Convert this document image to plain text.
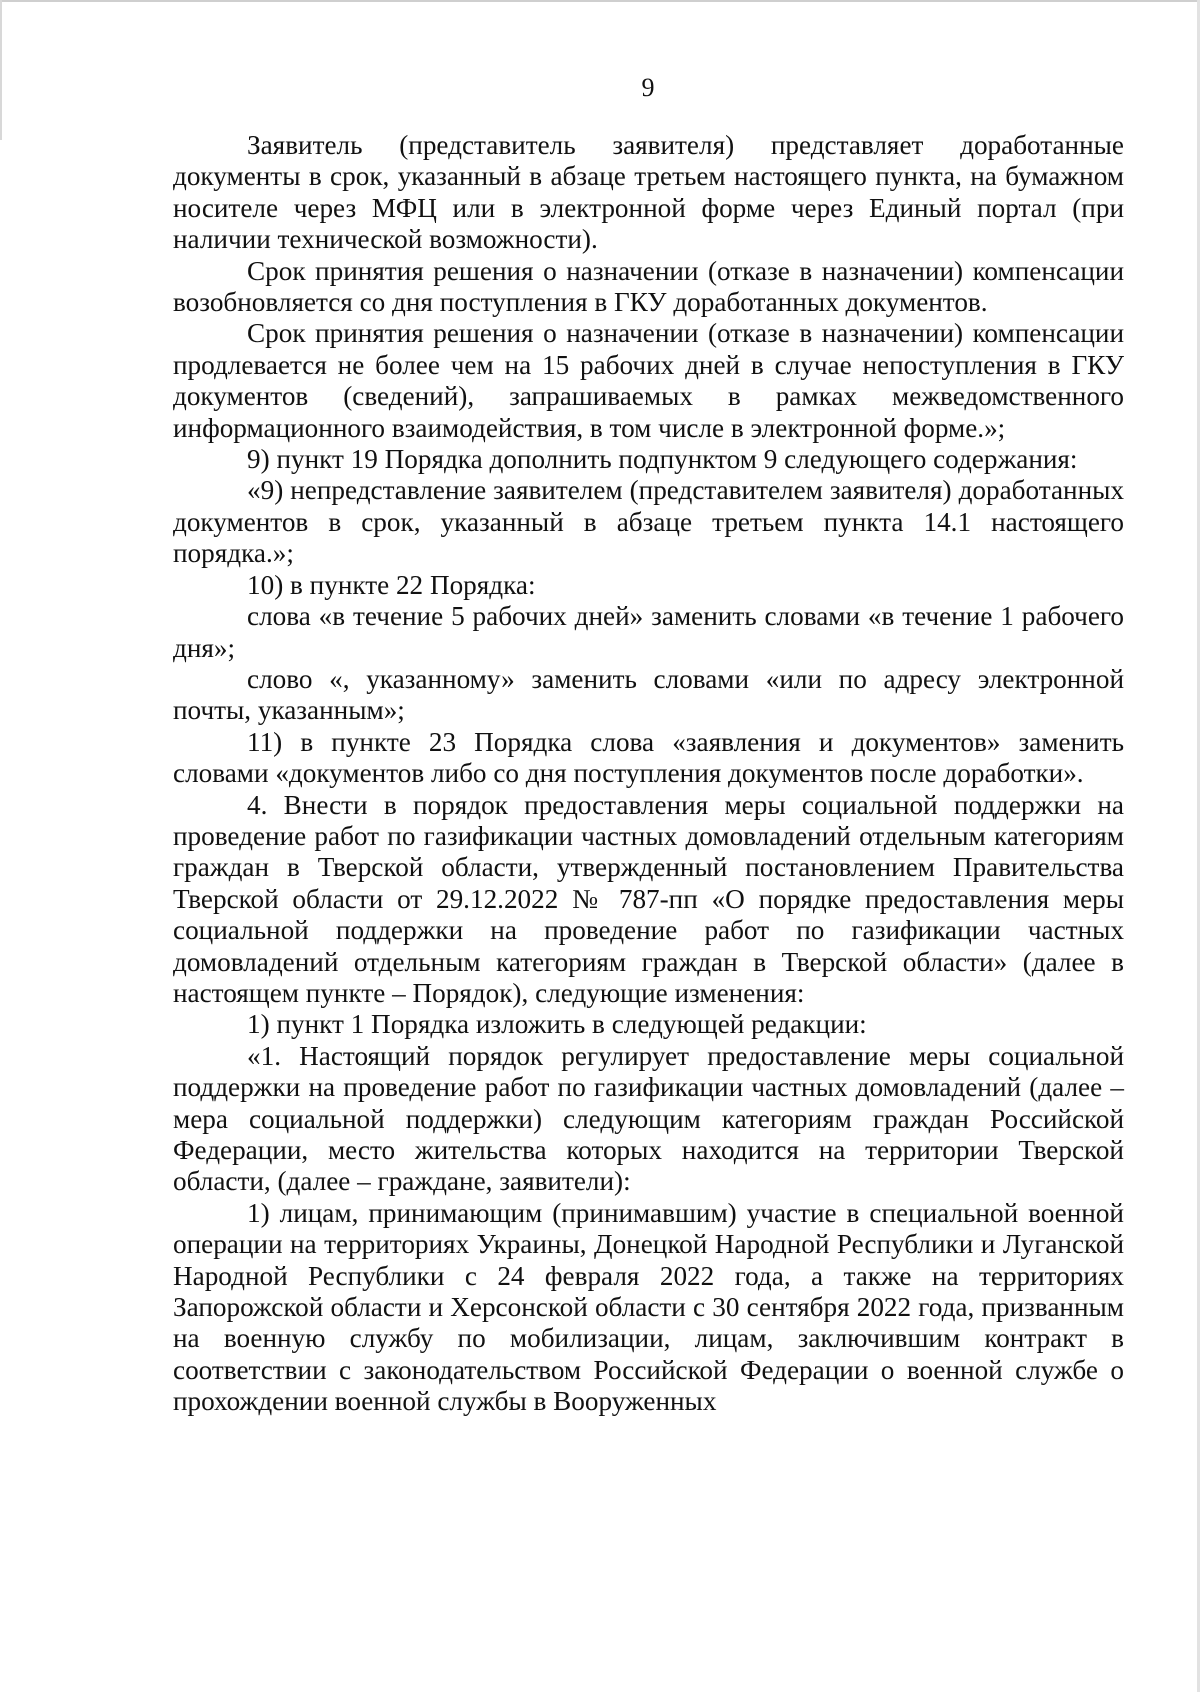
9

Заявитель (представитель заявителя) представляет доработанные документы в срок, указанный в абзаце третьем настоящего пункта, на бумажном носителе через МФЦ или в электронной форме через Единый портал (при наличии технической возможности).

Срок принятия решения о назначении (отказе в назначении) компенсации возобновляется со дня поступления в ГКУ доработанных документов.

Срок принятия решения о назначении (отказе в назначении) компенсации продлевается не более чем на 15 рабочих дней в случае непоступления в ГКУ документов (сведений), запрашиваемых в рамках межведомственного информационного взаимодействия, в том числе в электронной форме.»;

9) пункт 19 Порядка дополнить подпунктом 9 следующего содержания:

«9) непредставление заявителем (представителем заявителя) доработанных документов в срок, указанный в абзаце третьем пункта 14.1 настоящего порядка.»;

10) в пункте 22 Порядка:

слова «в течение 5 рабочих дней» заменить словами «в течение 1 рабочего дня»;

слово «, указанному» заменить словами «или по адресу электронной почты, указанным»;

11) в пункте 23 Порядка слова «заявления и документов» заменить словами «документов либо со дня поступления документов после доработки».

4. Внести в порядок предоставления меры социальной поддержки на проведение работ по газификации частных домовладений отдельным категориям граждан в Тверской области, утвержденный постановлением Правительства Тверской области от 29.12.2022 № 787-пп «О порядке предоставления меры социальной поддержки на проведение работ по газификации частных домовладений отдельным категориям граждан в Тверской области» (далее в настоящем пункте – Порядок), следующие изменения:

1) пункт 1 Порядка изложить в следующей редакции:

«1. Настоящий порядок регулирует предоставление меры социальной поддержки на проведение работ по газификации частных домовладений (далее – мера социальной поддержки) следующим категориям граждан Российской Федерации, место жительства которых находится на территории Тверской области, (далее – граждане, заявители):

1) лицам, принимающим (принимавшим) участие в специальной военной операции на территориях Украины, Донецкой Народной Республики и Луганской Народной Республики с 24 февраля 2022 года, а также на территориях Запорожской области и Херсонской области с 30 сентября 2022 года, призванным на военную службу по мобилизации, лицам, заключившим контракт в соответствии с законодательством Российской Федерации о военной службе о прохождении военной службы в Вооруженных
